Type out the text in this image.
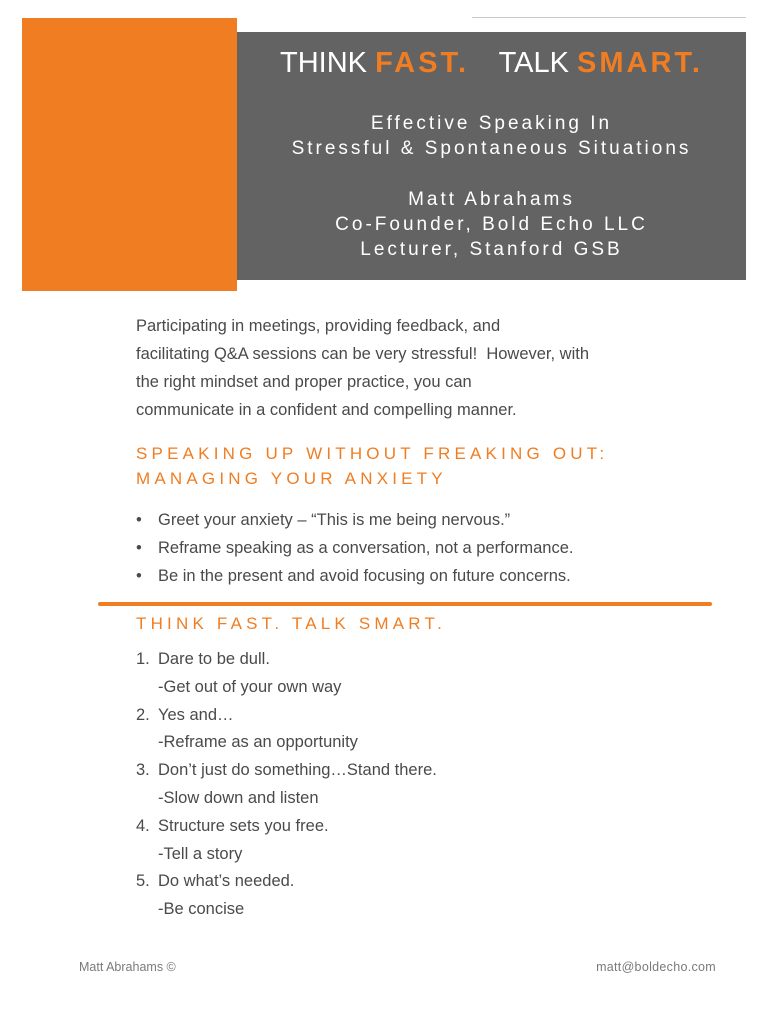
THINK FAST. TALK SMART.
Effective Speaking In
Stressful & Spontaneous Situations
Matt Abrahams
Co-Founder, Bold Echo LLC
Lecturer, Stanford GSB
Participating in meetings, providing feedback, and
facilitating Q&A sessions can be very stressful!  However, with
the right mindset and proper practice, you can
communicate in a confident and compelling manner.
SPEAKING UP WITHOUT FREAKING OUT:
MANAGING YOUR ANXIETY
• Greet your anxiety – “This is me being nervous.”
• Reframe speaking as a conversation, not a performance.
• Be in the present and avoid focusing on future concerns.
THINK FAST. TALK SMART.
1. Dare to be dull.
-Get out of your own way
2. Yes and…
-Reframe as an opportunity
3. Don’t just do something…Stand there.
-Slow down and listen
4. Structure sets you free.
-Tell a story
5. Do what’s needed.
-Be concise
Matt Abrahams ©	matt@boldecho.com
